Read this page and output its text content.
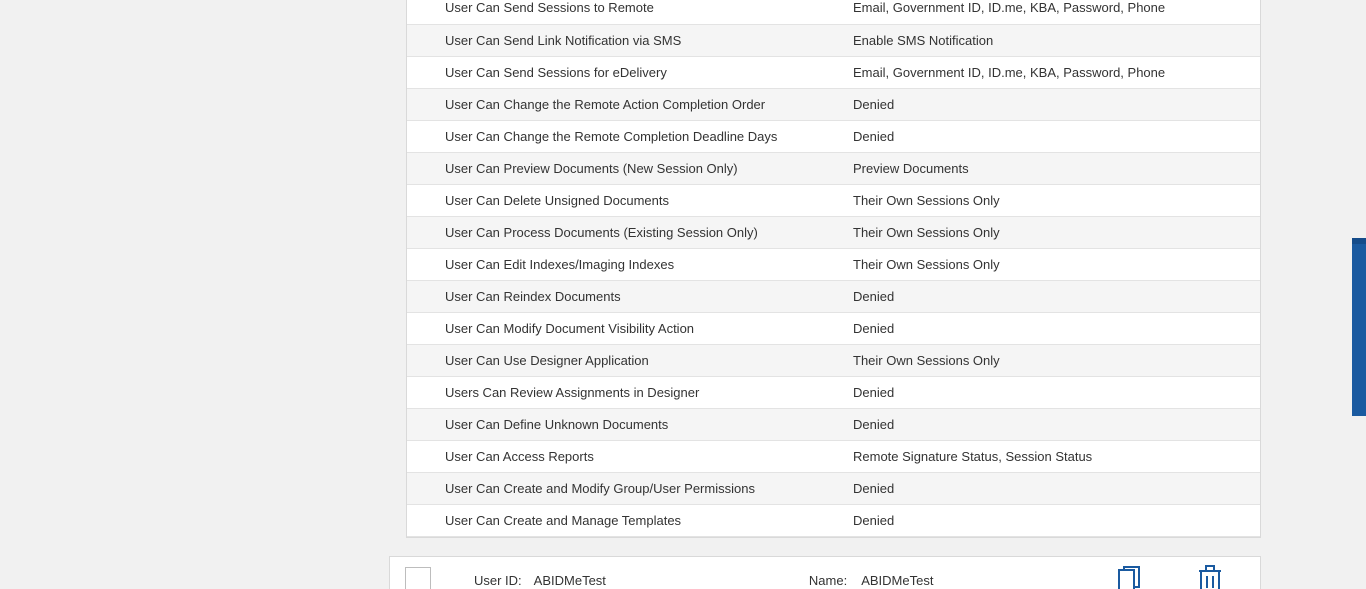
User Can Send Sessions to Remote	Email, Government ID, ID.me, KBA, Password, Phone
User Can Send Link Notification via SMS	Enable SMS Notification
User Can Send Sessions for eDelivery	Email, Government ID, ID.me, KBA, Password, Phone
User Can Change the Remote Action Completion Order	Denied
User Can Change the Remote Completion Deadline Days	Denied
User Can Preview Documents (New Session Only)	Preview Documents
User Can Delete Unsigned Documents	Their Own Sessions Only
User Can Process Documents (Existing Session Only)	Their Own Sessions Only
User Can Edit Indexes/Imaging Indexes	Their Own Sessions Only
User Can Reindex Documents	Denied
User Can Modify Document Visibility Action	Denied
User Can Use Designer Application	Their Own Sessions Only
Users Can Review Assignments in Designer	Denied
User Can Define Unknown Documents	Denied
User Can Access Reports	Remote Signature Status, Session Status
User Can Create and Modify Group/User Permissions	Denied
User Can Create and Manage Templates	Denied
User ID: ABIDMeTest	Name: ABIDMeTest
